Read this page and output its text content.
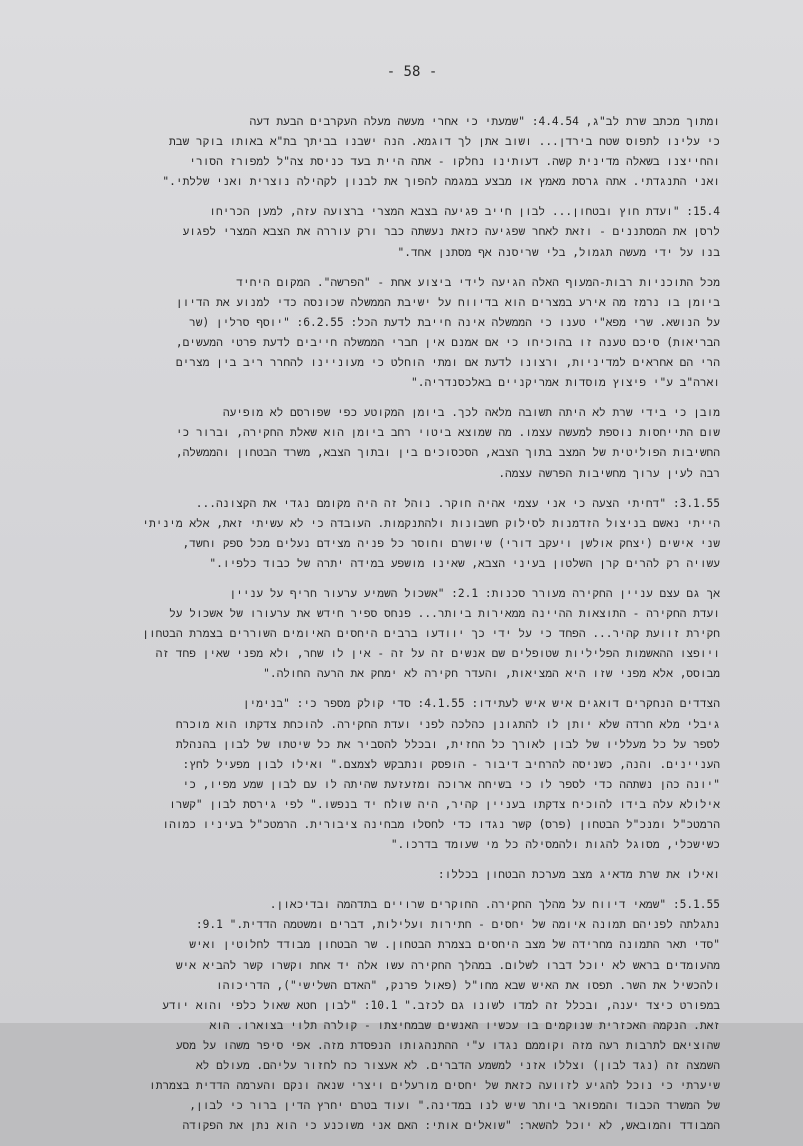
- 58 -
ומתוך מכתב שרת לב"ג, 4.4.54: "שמעתי כי אחרי מעשה מעלה העקרבים הבעת דעה
כי עלינו לתפוס שטח בירדן... ושוב אתן לך דוגמא. הנה ישבנו בביתך בת"א באותו בוקר שבת
והחייצנו בשאלה מדינית קשה. דעותינו נחלקו - אתה היית בעד כניסת צה"ל למפורז הסורי
ואני התנגדתי. אתה גרסת מאמץ או מבצע במגמה להפוך את לבנון לקהילה נוצרית ואני שללתי."
15.4: "ועדת חוץ ובטחון... לבון חייב פגיעה בצבא המצרי ברצועה עזה, למען הכריחו
לרסן את המסתננים - וזאת לאחר שפגיעה כזאת נעשתה כבר ורק עוררה את הצבא המצרי לפגוע
בנו על ידי מעשה תגמול, בלי שריסנה אף מסתנן אחד."
מכל התוכניות רבות-המעוף האלה הגיעה לידי ביצוע אחת - "הפרשה". המקום היחיד
ביומן בו נרמז מה אירע במצרים הוא בדיווח על ישיבת הממשלה שכונסה כדי למנוע את הדיון
על הנושא. שרי מפא"י טענו כי הממשלה אינה חייבת לדעת הכל: 6.2.55: "יוסף סרלין (שר
הבריאות) סיכם טענה זו בהוכיחו כי אם אמנם אין חברי הממשלה חייבים לדעת פרטי המעשים,
הרי הם אחראים למדיניות, ורצונו לדעת אם ומתי הוחלט כי מעוניינו להחרר ריב בין מצרים
וארה"ב ע"י פיצוץ מוסדות אמריקניים באלכסנדריה."
מובן כי בידי שרת לא היתה תשובה מלאה לכך. ביומן המקוטע כפי שפורסם לא מופיעה
שום התייחסות נוספת למעשה עצמו. מה שמוצא ביטוי רחב ביומן הוא שאלת החקירה, וברור כי
החשיבות הפוליטית של המצב בתוך הצבא, הסכסוכים בין ובתוך הצבא, משרד הבטחון והממשלה,
רבה לעין ערוך מחשיבות הפרשה עצמה.
3.1.55: "דחיתי הצעה כי אני עצמי אהיה חוקר. נוהל זה היה מקומם נגדי את הקצונה...
הייתי נאשם בניצול הזדמנות לסילוק חשבונות ולהתנקמות. העובדה כי לא עשיתי זאת, אלא מיניתי
שני אישים (יצחק אולשן ויעקב דורי) שיושרם וחוסר כל פניה מצידם נעלים מכל ספק וחשד,
עשויה רק להרים קרן השלטון בעיני הצבא, שאינו מושפע במידה יתרה של כבוד כלפיו."
אך גם עצם עניין החקירה מעורר סכנות: 2.1: "אשכול השמיע ערעור חריף על עניין
ועדת החקירה - התוצאות ההיינה ממאירות ביותר... פנחס ספיר חידש את ערעורו של אשכול על
חקירת זוועת קהיר... הפחד כי על ידי כך יוודעו ברבים היחסים האיומים השוררים בצמרת הבטחון
ויופצו ההאשמות הפליליות שטופלים שם אנשים זה על זה - אין לו שחר, ולא מפני שאין פחד זה
מבוסס, אלא מפני שזו היא המציאות, והעדר חקירה לא ימחק את הרעה החולה."
הצדדים הנחקרים דואגים איש איש לעתידו: 4.1.55: סדי קולק מספר כי: "בנימין
גיבלי מלא חרדה שלא יותן לו להתגונן כהלכה לפני ועדת החקירה. להוכחת צדקתו הוא מוכרח
לספר על כל מעלליו של לבון לאורך כל החזית, ובכלל להסביר את כל שיטתו של לבון בהנהלת
העניינים. והנה, כשניסה להרחיב דיבור - הופסק ונתבקש לצמצם." ואילו לבון מפעיל לחץ:
"יונה כהן נשתהה כדי לספר לו כי בשיחה ארוכה ומזעזעת שהיתה לו עם לבון שמע מפיו, כי
אילולא עלה בידו להוכיח צדקתו בעניין קהיר, היה שולח יד בנפשו." לפי גירסת לבון "קשרו
הרמטכ"ל ומנכ"ל הבטחון (פרס) קשר נגדו כדי לחסלו מבחינה ציבורית. הרמטכ"ל בעיניו כמוהו
כשישכלי, מסוגל להגות ולהמסילה כל מי שעומד בדרכו."
ואילו את שרת מדאיג מצב מערכת הבטחון בכללו:
5.1.55: "שמאי דיווח על מהלך החקירה. החוקרים שרויים בתדהמה ובדיכאון.
נתגלתה לפניהם תמונה איומה של יחסים - חתירות ועלילות, דברים ומשטמה הדדית." 9.1:
"סדי תאר התמונה מחרידה של מצב היחסים בצמרת הבטחון. שר הבטחון מבודד לחלוטין ואיש
מהעומדים בראש לא יוכל דברו לשלום. במהלך החקירה עשו אלה יד אחת וקשרו קשר להביא איש
ולהכשיל את השר. תפסו את האיש שבא מחו"ל (פאול פרנק, "האדם השלישי"), הדריכוהו
במפורט כיצד יענה, ובכלל זה למדו לשונו גם לכזב." 10.1: "לבון חטא שאול כלפי והוא יודע
זאת. הנקמה האכזרית שנוקמים בו עכשיו האנשים שבמחיצתו - קולרה תלוי בצוארו. הוא
שהוציאם לתרבות רעה מזה וקוממם נגדו ע"י ההתנהגותו הנפסדת מזה. אפי סיפר משהו על מסע
השמצה זה (נגד לבון) וצללו אזני למשמע הדברים. לא אעצור כח לחזור עליהם. מעולם לא
שיערתי כי נוכל להגיע לזוועה כזאת של יחסים מורעלים ויצרי שנאה ונקם והערמה הדדית בצמרתו
של המשרד הכבוד והמפואר ביותר שיש לנו במדינה." ועוד בטרם יחרץ הדין ברור כי לבון,
המבודד והמובאש, לא יוכל להשאר: "שואלים אותי: האם אני משוכנע כי הוא נתן את הפקודה
